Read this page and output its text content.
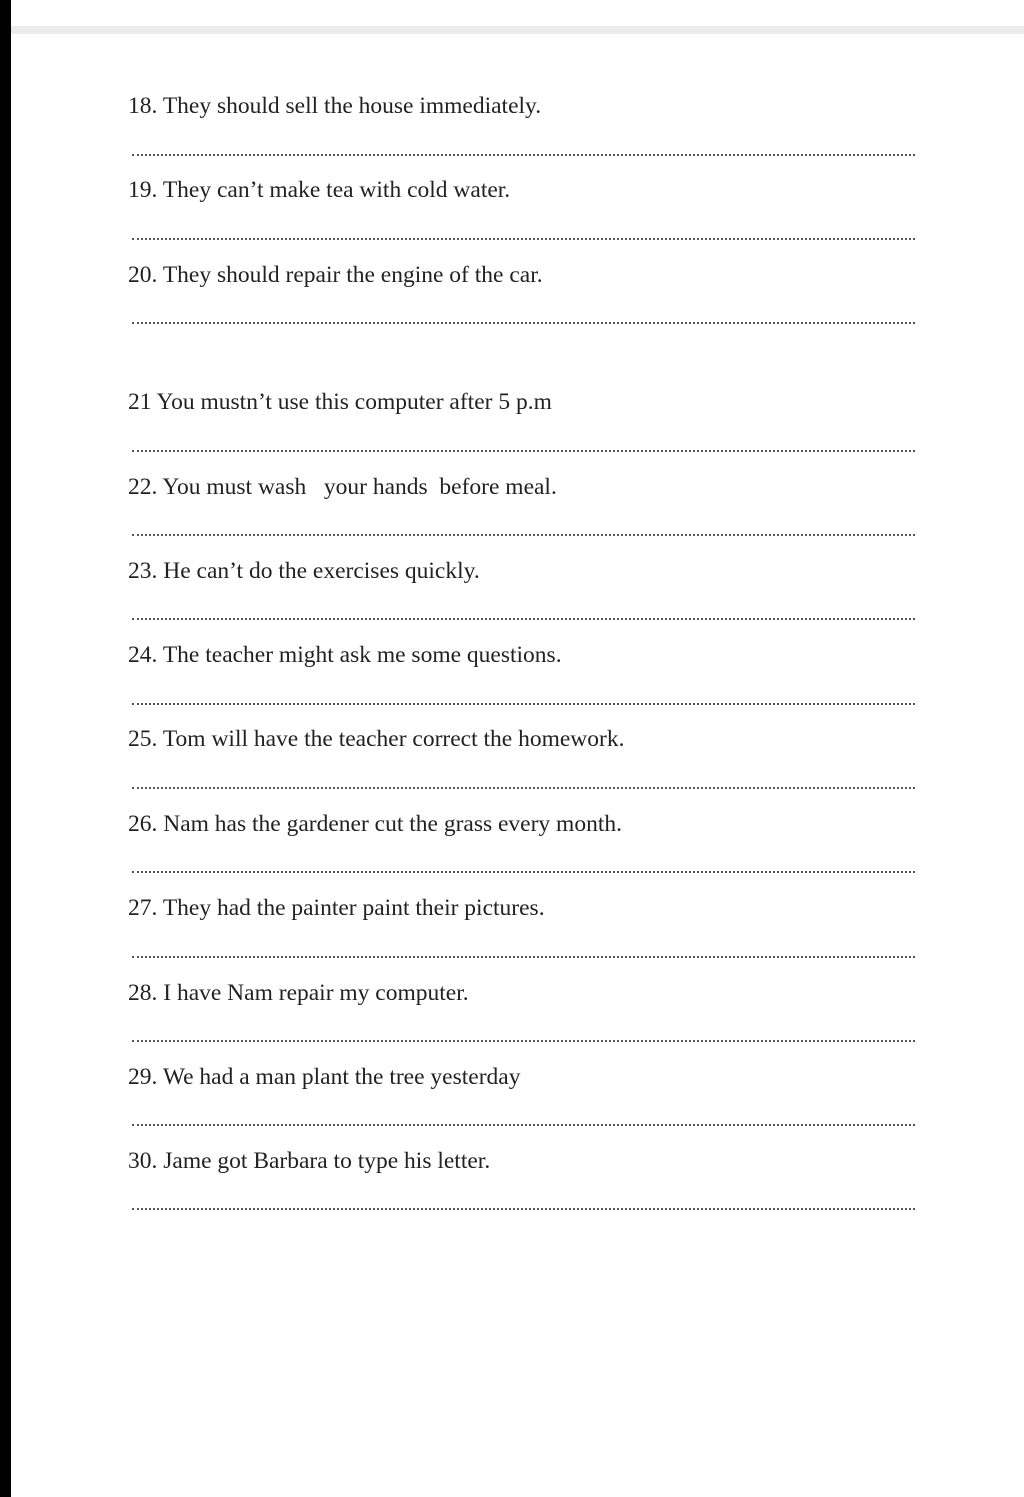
18. They should sell the house immediately.
19. They can’t make tea with cold water.
20. They should repair the engine of the car.
21 You mustn’t use this computer after 5 p.m
22. You must wash   your hands  before meal.
23. He can’t do the exercises quickly.
24. The teacher might ask me some questions.
25. Tom will have the teacher correct the homework.
26. Nam has the gardener cut the grass every month.
27. They had the painter paint their pictures.
28. I have Nam repair my computer.
29. We had a man plant the tree yesterday
30. Jame got Barbara to type his letter.
